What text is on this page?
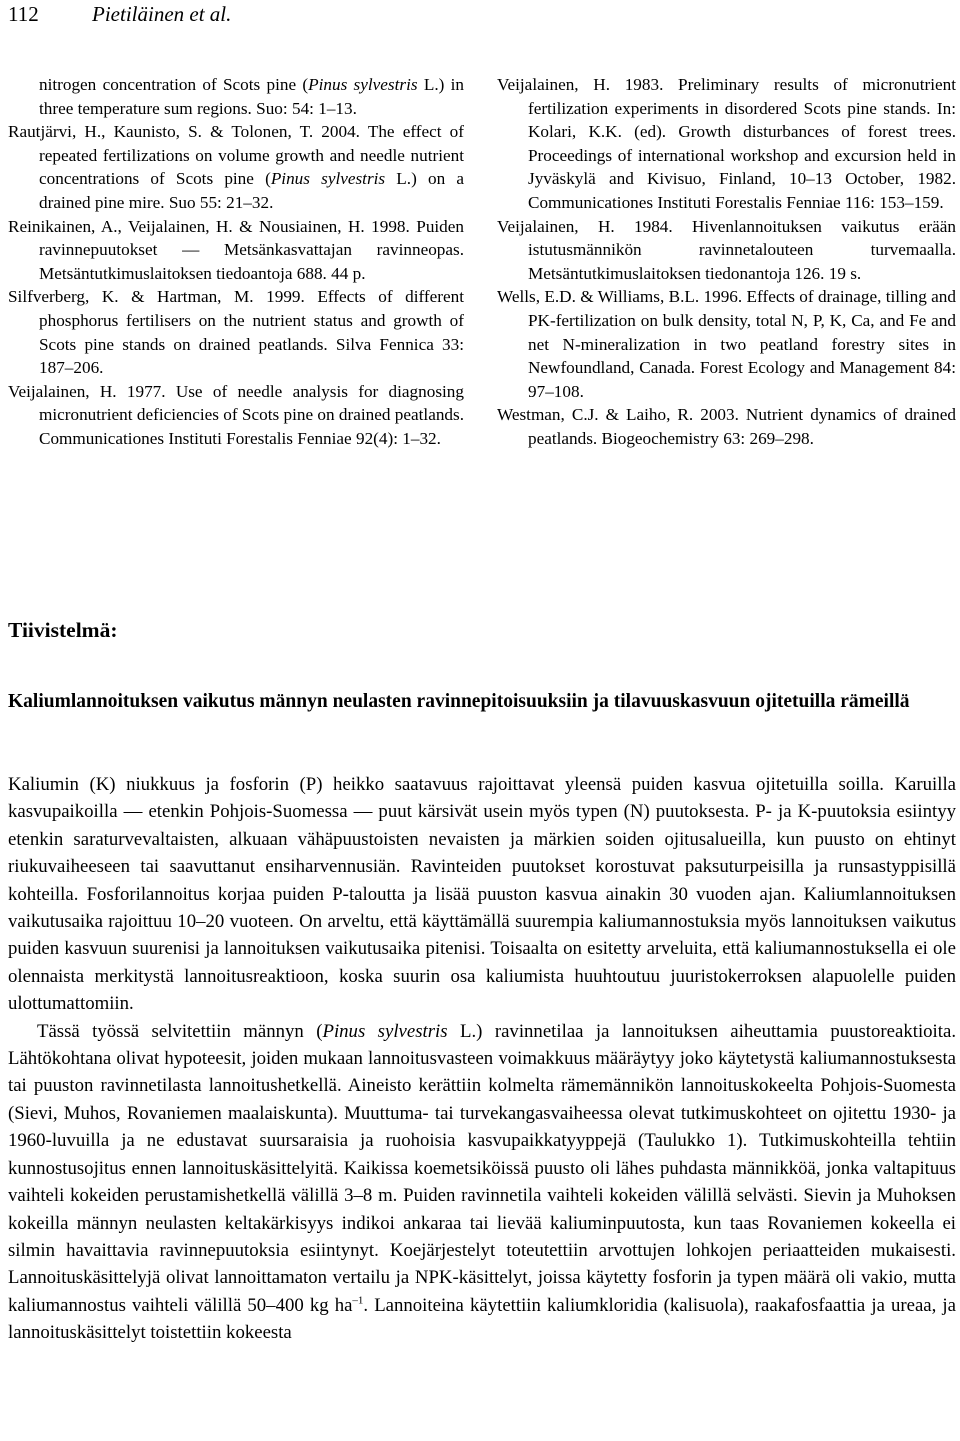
112	Pietiläinen et al.

nitrogen concentration of Scots pine (Pinus sylvestris L.) in three temperature sum regions. Suo: 54: 1–13.

Rautjärvi, H., Kaunisto, S. & Tolonen, T. 2004. The effect of repeated fertilizations on volume growth and needle nutrient concentrations of Scots pine (Pinus sylvestris L.) on a drained pine mire. Suo 55: 21–32.

Reinikainen, A., Veijalainen, H. & Nousiainen, H. 1998. Puiden ravinnepuutokset — Metsänkasvattajan ravinneopas. Metsäntutkimuslaitoksen tiedoantoja 688. 44 p.

Silfverberg, K. & Hartman, M. 1999. Effects of different phosphorus fertilisers on the nutrient status and growth of Scots pine stands on drained peatlands. Silva Fennica 33: 187–206.

Veijalainen, H. 1977. Use of needle analysis for diagnosing micronutrient deficiencies of Scots pine on drained peatlands. Communicationes Instituti Forestalis Fenniae 92(4): 1–32.

Veijalainen, H. 1983. Preliminary results of micronutrient fertilization experiments in disordered Scots pine stands. In: Kolari, K.K. (ed). Growth disturbances of forest trees. Proceedings of international workshop and excursion held in Jyväskylä and Kivisuo, Finland, 10–13 October, 1982. Communicationes Instituti Forestalis Fenniae 116: 153–159.

Veijalainen, H. 1984. Hivenlannoituksen vaikutus erään istutusmännikön ravinnetalouteen turvemaalla. Metsäntutkimuslaitoksen tiedonantoja 126. 19 s.

Wells, E.D. & Williams, B.L. 1996. Effects of drainage, tilling and PK-fertilization on bulk density, total N, P, K, Ca, and Fe and net N-mineralization in two peatland forestry sites in Newfoundland, Canada. Forest Ecology and Management 84: 97–108.

Westman, C.J. & Laiho, R. 2003. Nutrient dynamics of drained peatlands. Biogeochemistry 63: 269–298.

Tiivistelmä:
Kaliumlannoituksen vaikutus männyn neulasten ravinnepitoisuuksiin ja tilavuuskasvuun ojitetuilla rämeillä

Kaliumin (K) niukkuus ja fosforin (P) heikko saatavuus rajoittavat yleensä puiden kasvua ojitetuilla soilla. Karuilla kasvupaikoilla — etenkin Pohjois-Suomessa — puut kärsivät usein myös typen (N) puutoksesta. P- ja K-puutoksia esiintyy etenkin saraturvevaltaisten, alkuaan vähäpuustoisten nevaisten ja märkien soiden ojitusalueilla, kun puusto on ehtinyt riukuvaiheeseen tai saavuttanut ensiharvennusiän. Ravinteiden puutokset korostuvat paksuturpeisilla ja runsastyppisillä kohteilla. Fosforilannoitus korjaa puiden P-taloutta ja lisää puuston kasvua ainakin 30 vuoden ajan. Kaliumlannoituksen vaikutusaika rajoittuu 10–20 vuoteen. On arveltu, että käyttämällä suurempia kaliumannostuksia myös lannoituksen vaikutus puiden kasvuun suurenisi ja lannoituksen vaikutusaika pitenisi. Toisaalta on esitetty arveluita, että kaliumannostuksella ei ole olennaista merkitystä lannoitusreaktioon, koska suurin osa kaliumista huuhtoutuu juuristokerroksen alapuolelle puiden ulottumattomiin.

Tässä työssä selvitettiin männyn (Pinus sylvestris L.) ravinnetilaa ja lannoituksen aiheuttamia puustoreaktioita. Lähtökohtana olivat hypoteesit, joiden mukaan lannoitusvasteen voimakkuus määräytyy joko käytetystä kaliumannostuksesta tai puuston ravinnetilasta lannoitushetkellä. Aineisto kerättiin kolmelta rämemännikön lannoituskokeelta Pohjois-Suomesta (Sievi, Muhos, Rovaniemen maalaiskunta). Muuttuma- tai turvekangasvaiheessa olevat tutkimuskohteet on ojitettu 1930- ja 1960-luvuilla ja ne edustavat suursaraisia ja ruohoisia kasvupaikkatyyppejä (Taulukko 1). Tutkimuskohteilla tehtiin kunnostusojitus ennen lannoituskäsittelyitä. Kaikissa koemetsiköissä puusto oli lähes puhdasta männikköä, jonka valtapituus vaihteli kokeiden perustamishetkellä välillä 3–8 m. Puiden ravinnetila vaihteli kokeiden välillä selvästi. Sievin ja Muhoksen kokeilla männyn neulasten keltakärkisyys indikoi ankaraa tai lievää kaliuminpuutosta, kun taas Rovaniemen kokeella ei silmin havaittavia ravinnepuutoksia esiintynyt. Koejärjestelyt toteutettiin arvottujen lohkojen periaatteiden mukaisesti. Lannoituskäsittelyjä olivat lannoittamaton vertailu ja NPK-käsittelyt, joissa käytetty fosforin ja typen määrä oli vakio, mutta kaliumannostus vaihteli välillä 50–400 kg $ha^{-1}$. Lannoiteina käytettiin kaliumkloridia (kalisuola), raakafosfaattia ja ureaa, ja lannoituskäsittelyt toistettiin kokeesta
